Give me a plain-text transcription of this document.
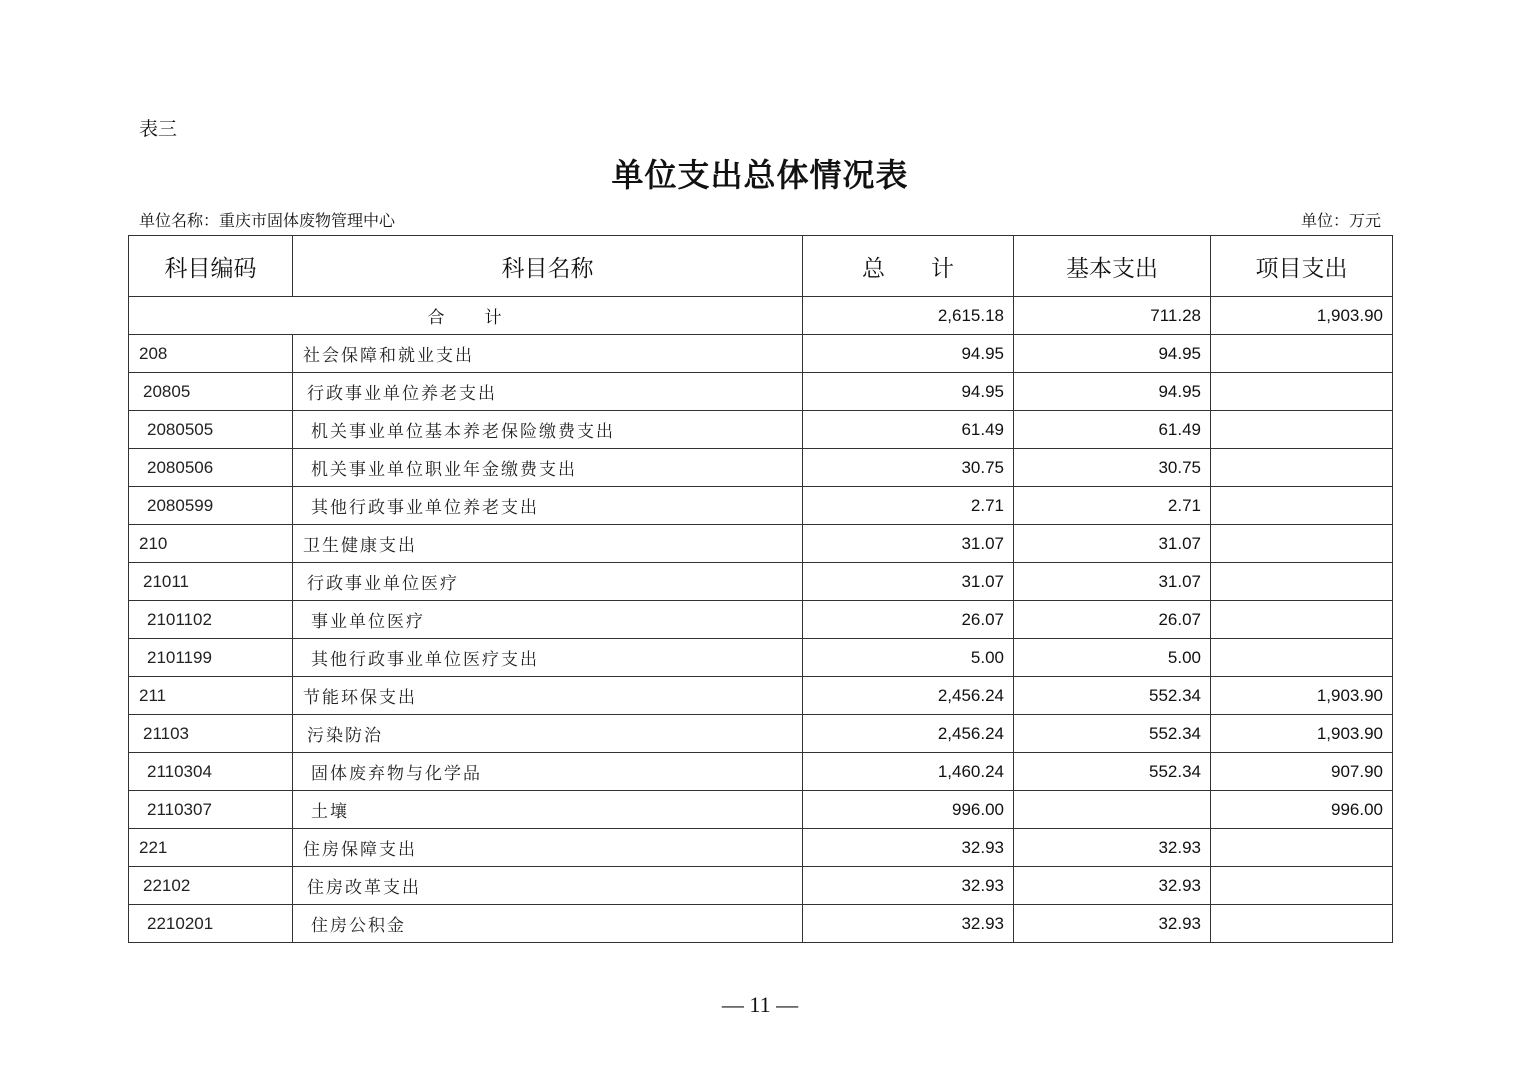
表三
单位支出总体情况表
单位名称：重庆市固体废物管理中心	单位：万元
科目编码	科目名称	总　　计	基本支出	项目支出
合　　计		2,615.18	711.28	1,903.90
208	社会保障和就业支出	94.95	94.95	
20805	行政事业单位养老支出	94.95	94.95	
2080505	机关事业单位基本养老保险缴费支出	61.49	61.49	
2080506	机关事业单位职业年金缴费支出	30.75	30.75	
2080599	其他行政事业单位养老支出	2.71	2.71	
210	卫生健康支出	31.07	31.07	
21011	行政事业单位医疗	31.07	31.07	
2101102	事业单位医疗	26.07	26.07	
2101199	其他行政事业单位医疗支出	5.00	5.00	
211	节能环保支出	2,456.24	552.34	1,903.90
21103	污染防治	2,456.24	552.34	1,903.90
2110304	固体废弃物与化学品	1,460.24	552.34	907.90
2110307	土壤	996.00		996.00
221	住房保障支出	32.93	32.93	
22102	住房改革支出	32.93	32.93	
2210201	住房公积金	32.93	32.93	
— 11 —
